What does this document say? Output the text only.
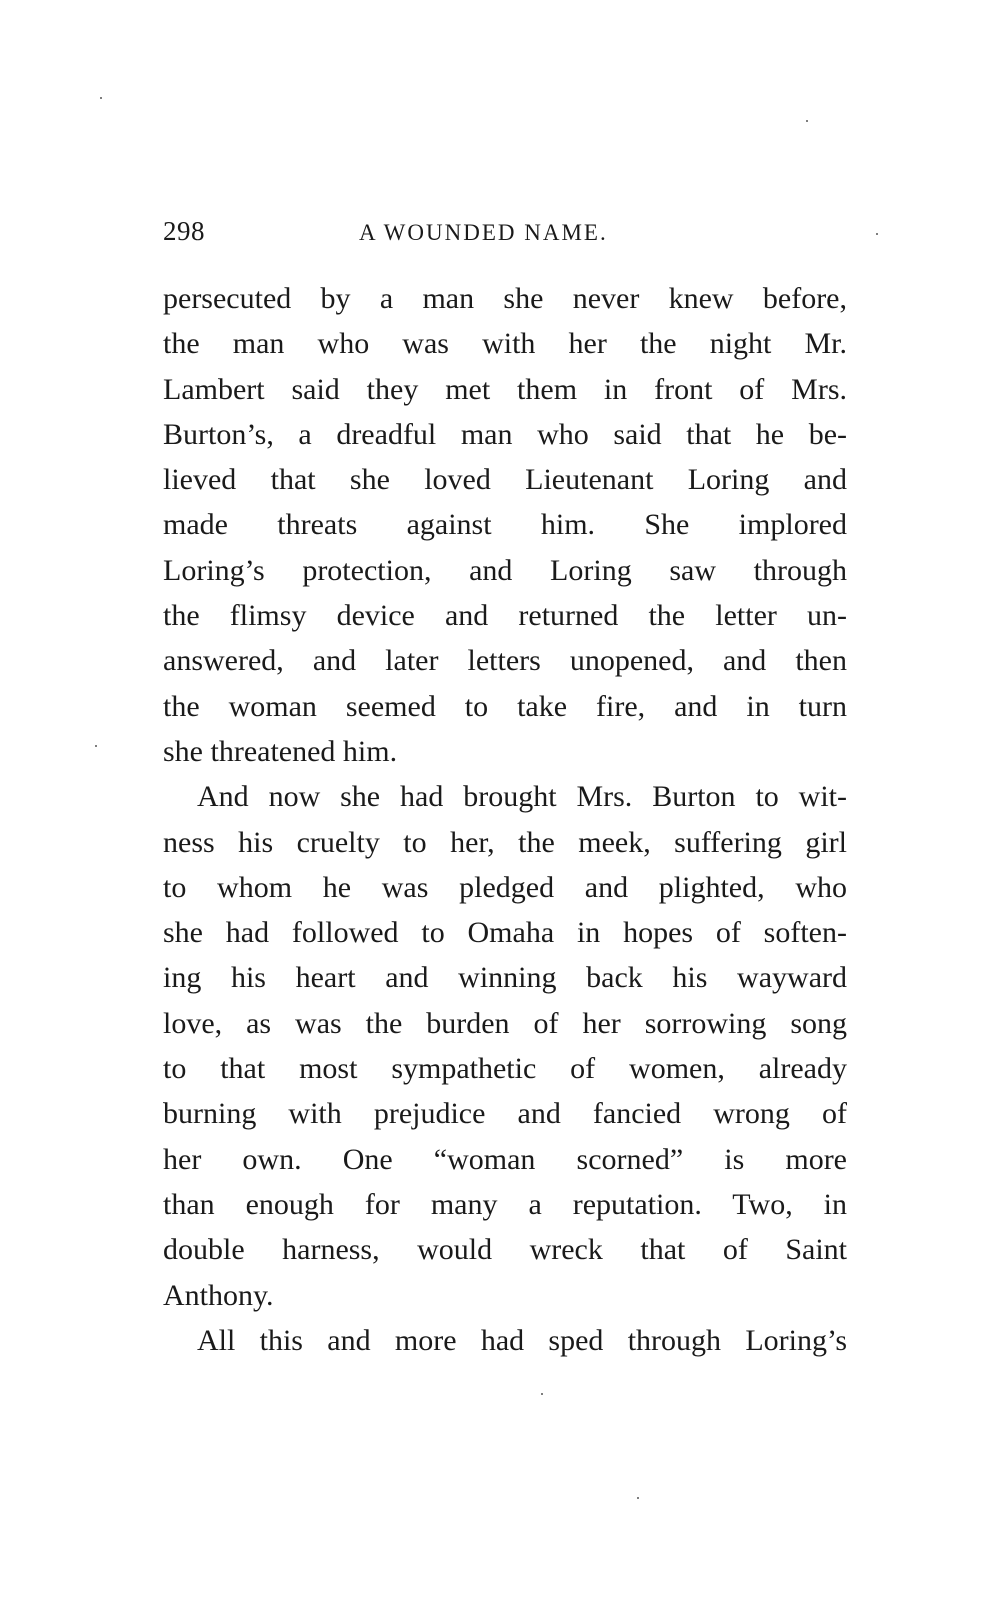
298	A WOUNDED NAME.
persecuted by a man she never knew before,
the man who was with her the night Mr.
Lambert said they met them in front of Mrs.
Burton’s, a dreadful man who said that he be-
lieved that she loved Lieutenant Loring and
made threats against him. She implored
Loring’s protection, and Loring saw through
the flimsy device and returned the letter un-
answered, and later letters unopened, and then
the woman seemed to take fire, and in turn
she threatened him.
And now she had brought Mrs. Burton to wit-
ness his cruelty to her, the meek, suffering girl
to whom he was pledged and plighted, who
she had followed to Omaha in hopes of soften-
ing his heart and winning back his wayward
love, as was the burden of her sorrowing song
to that most sympathetic of women, already
burning with prejudice and fancied wrong of
her own. One “woman scorned” is more
than enough for many a reputation. Two, in
double harness, would wreck that of Saint
Anthony.
All this and more had sped through Loring’s
